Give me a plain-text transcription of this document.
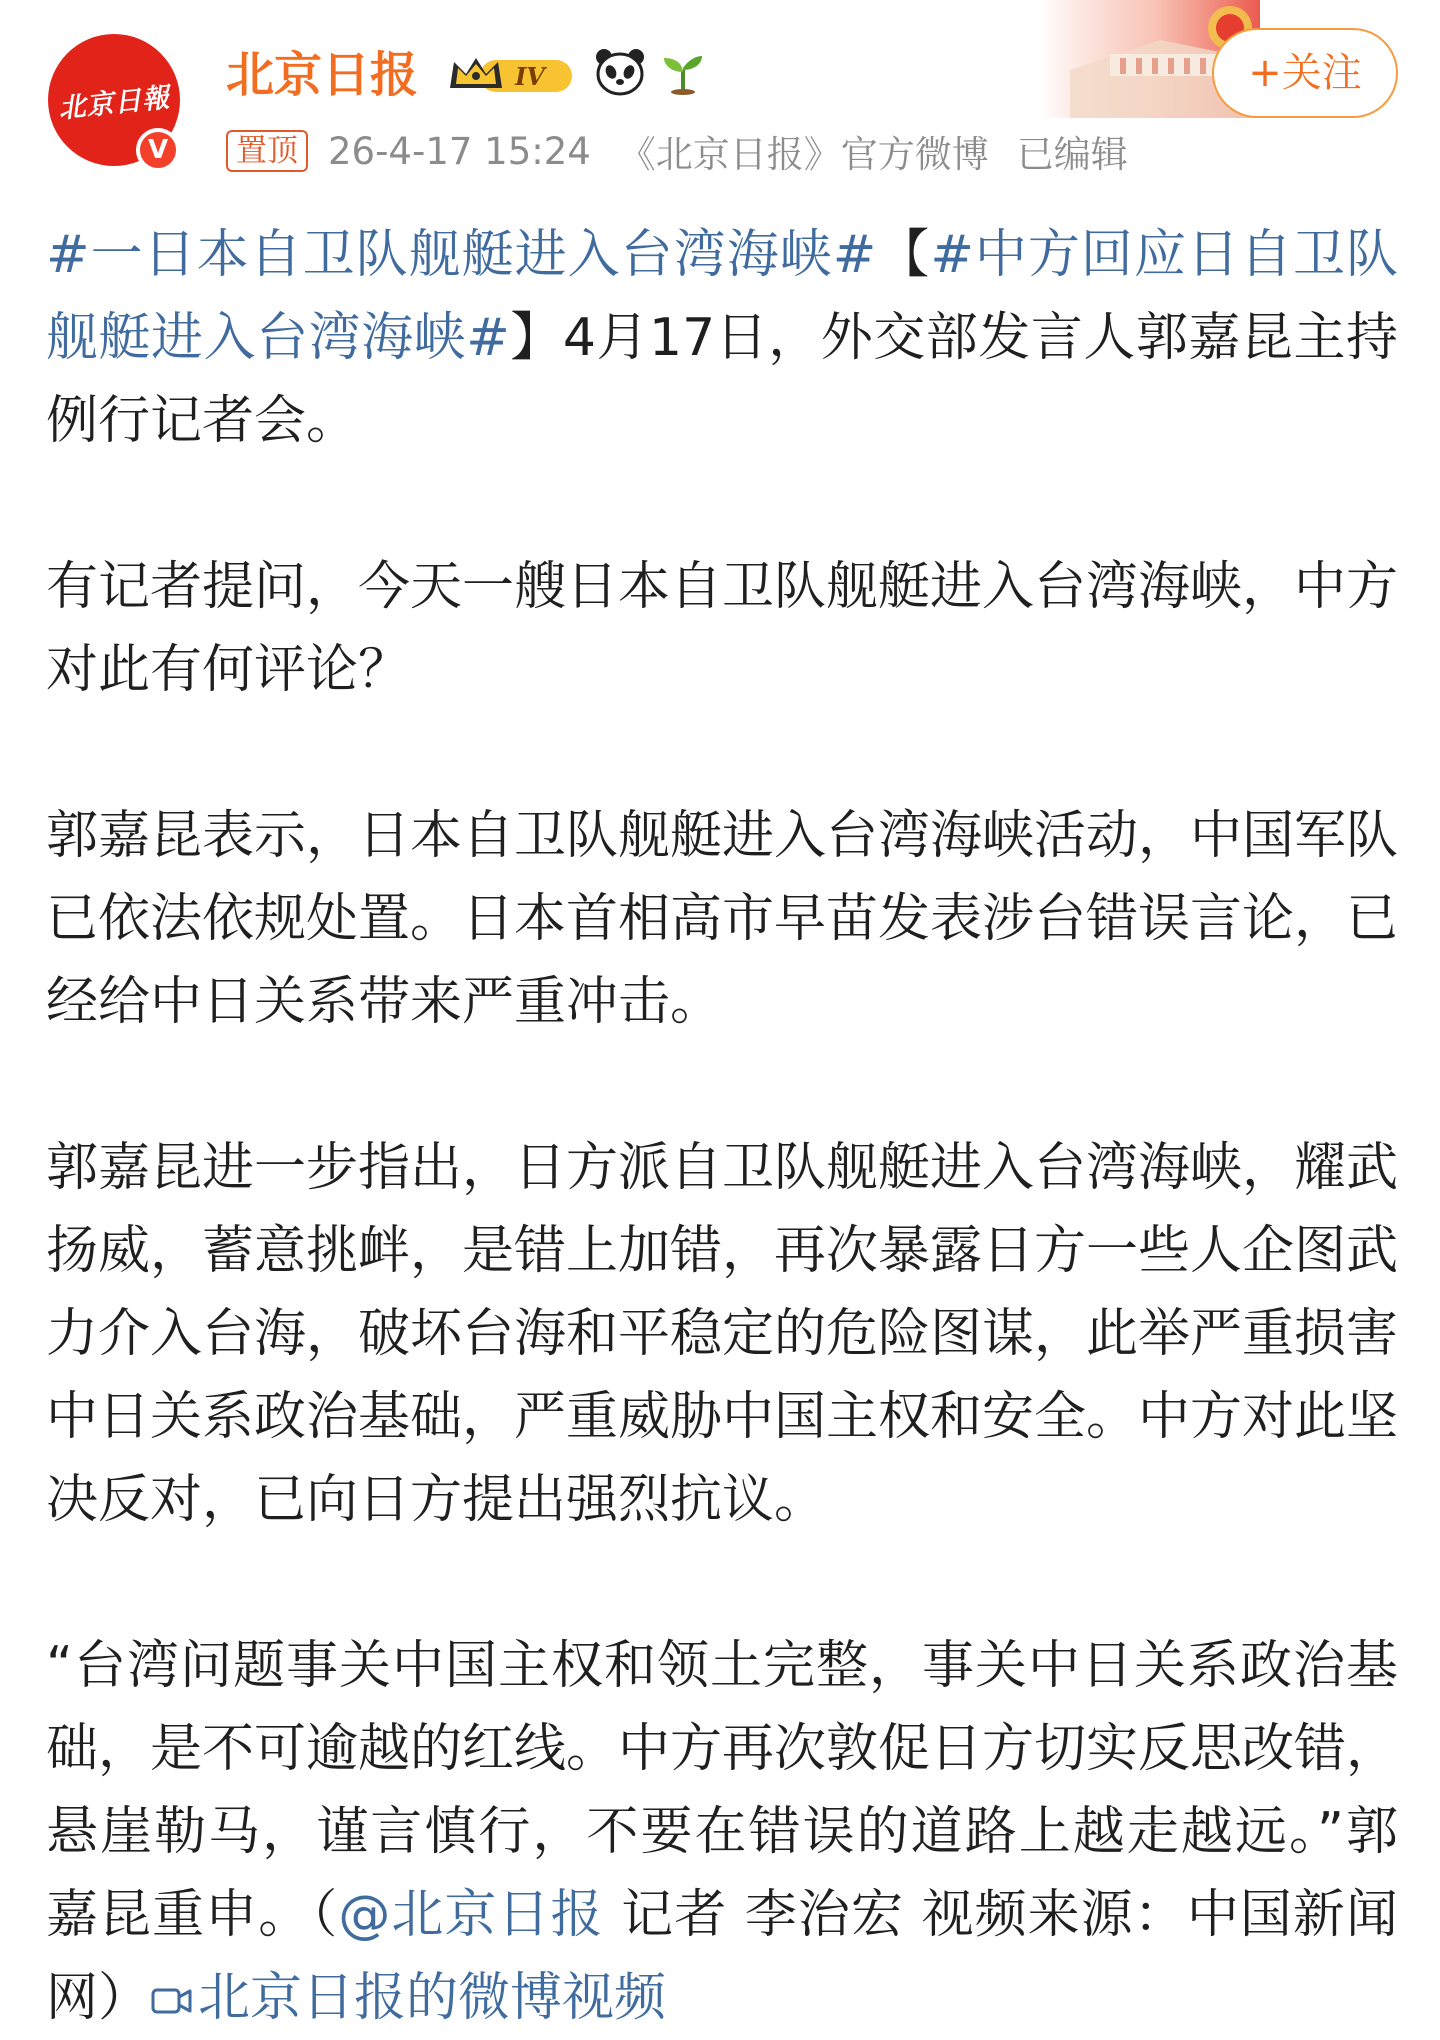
北京日報
V
北京日报	IV	+关注
置顶 26-4-17 15:24 《北京日报》官方微博 已编辑

#一日本自卫队舰艇进入台湾海峡#【#中方回应日自卫队舰艇进入台湾海峡#】4月17日，外交部发言人郭嘉昆主持例行记者会。

有记者提问，今天一艘日本自卫队舰艇进入台湾海峡，中方对此有何评论？

郭嘉昆表示，日本自卫队舰艇进入台湾海峡活动，中国军队已依法依规处置。日本首相高市早苗发表涉台错误言论，已经给中日关系带来严重冲击。

郭嘉昆进一步指出，日方派自卫队舰艇进入台湾海峡，耀武扬威，蓄意挑衅，是错上加错，再次暴露日方一些人企图武力介入台海，破坏台海和平稳定的危险图谋，此举严重损害中日关系政治基础，严重威胁中国主权和安全。中方对此坚决反对，已向日方提出强烈抗议。

“台湾问题事关中国主权和领土完整，事关中日关系政治基础，是不可逾越的红线。中方再次敦促日方切实反思改错，悬崖勒马，谨言慎行，不要在错误的道路上越走越远。”郭嘉昆重申。（@北京日报 记者 李治宏 视频来源：中国新闻网） 北京日报的微博视频
